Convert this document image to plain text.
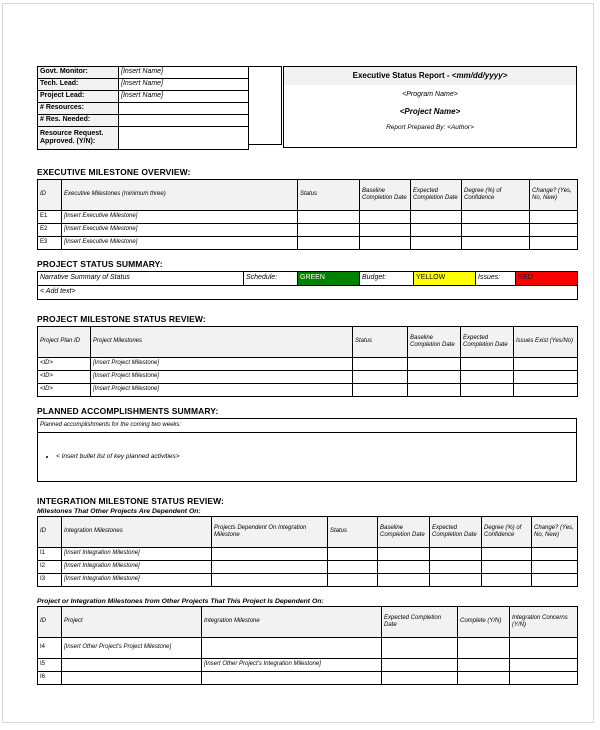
Govt. Monitor:	[Insert Name]
Tech. Lead:	[Insert Name]
Project Lead:	[Insert Name]
# Resources:	
# Res. Needed:	
Resource Request. Approved. (Y/N):	
Executive Status Report - <mm/dd/yyyy>
<Program Name>
<Project Name>
Report Prepared By: <Author>
EXECUTIVE MILESTONE OVERVIEW:
ID	Executive Milestones (minimum three)	Status	Baseline Completion Date	Expected Completion Date	Degree (%) of Confidence	Change? (Yes, No, New)
E1	[Insert Executive Milestone]					
E2	[Insert Executive Milestone]					
E3	[Insert Executive Milestone]					
PROJECT STATUS SUMMARY:
Narrative Summary of Status	Schedule:	GREEN	Budget:	YELLOW	Issues:	RED
< Add text>
PROJECT MILESTONE STATUS REVIEW:
Project Plan ID	Project Milestones	Status	Baseline Completion Date	Expected Completion Date	Issues Exist (Yes/No)
<ID>	[Insert Project Milestone]				
<ID>	[Insert Project Milestone]				
<ID>	[Insert Project Milestone]				
PLANNED ACCOMPLISHMENTS SUMMARY:
Planned accomplishments for the coming two weeks:

• < Insert bullet list of key planned activities>
INTEGRATION MILESTONE STATUS REVIEW:
Milestones That Other Projects Are Dependent On:
ID	Integration Milestones	Projects Dependent On Integration Milestone	Status	Baseline Completion Date	Expected Completion Date	Degree (%) of Confidence	Change? (Yes, No, New)
I1	[Insert Integration Milestone]						
I2	[Insert Integration Milestone]						
I3	[Insert Integration Milestone]						
Project or Integration Milestones from Other Projects That This Project Is Dependent On:
ID	Project	Integration Milestone	Expected Completion Date	Complete (Y/N)	Integration Concerns (Y/N)
I4	[Insert Other Project's Project Milestone]				
I5		[Insert Other Project's Integration Milestone]			
I6					
